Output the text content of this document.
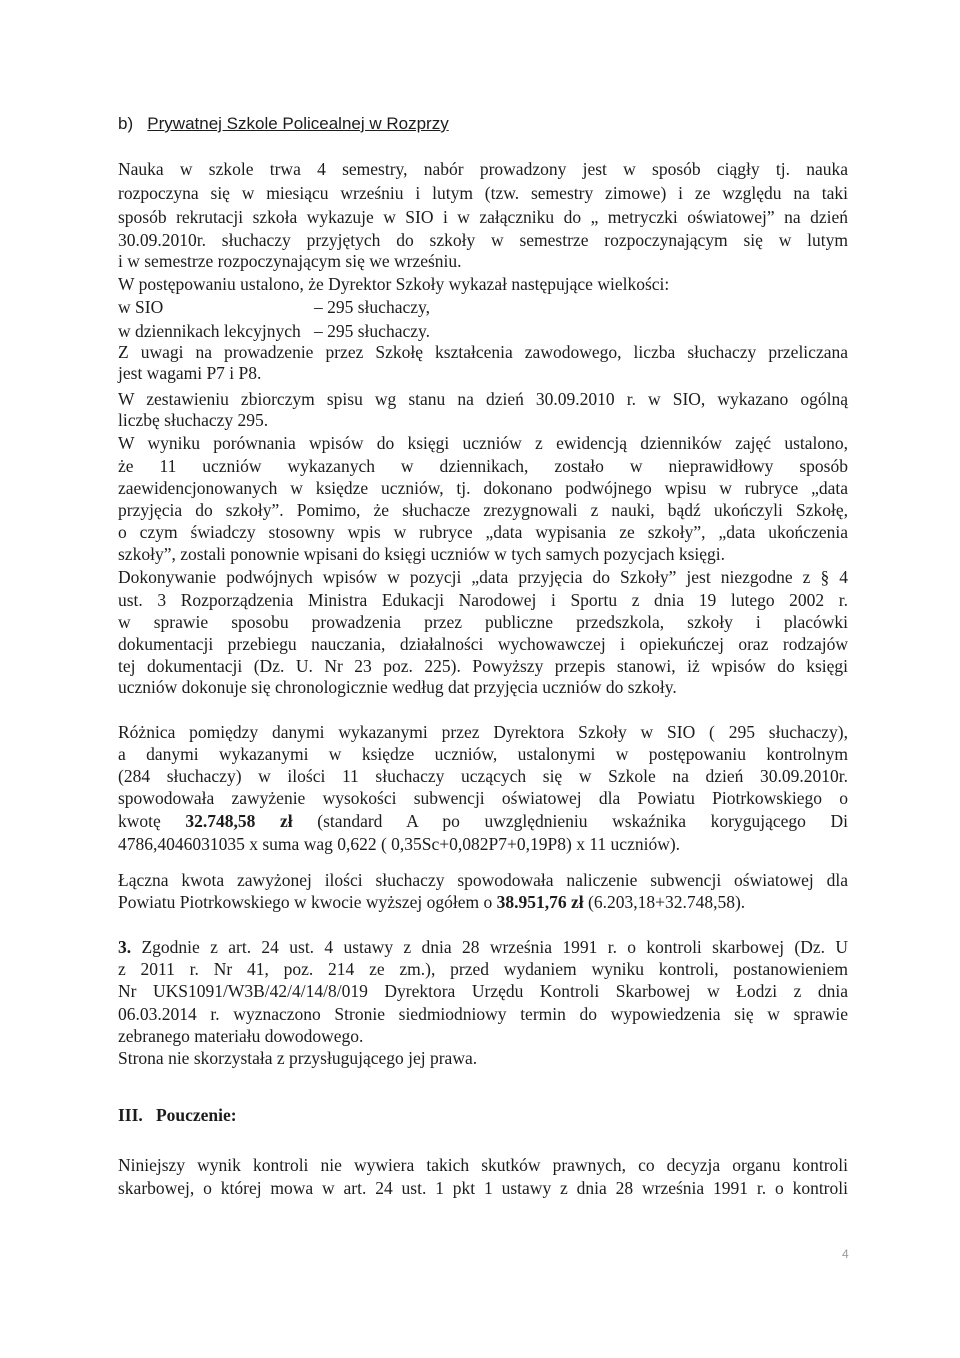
b) Prywatnej Szkole Policealnej w Rozprzy
Nauka w szkole trwa 4 semestry, nabór prowadzony jest w sposób ciągły tj. nauka
rozpoczyna się w miesiącu wrześniu i lutym (tzw. semestry zimowe) i ze względu na taki
sposób rekrutacji szkoła wykazuje w SIO i w załączniku do „ metryczki oświatowej” na dzień
30.09.2010r. słuchaczy przyjętych do szkoły w semestrze rozpoczynającym się w lutym
i w semestrze rozpoczynającym się we wrześniu.
W postępowaniu ustalono, że Dyrektor Szkoły wykazał następujące wielkości:
w SIO	– 295 słuchaczy,
w dziennikach lekcyjnych – 295 słuchaczy.
Z uwagi na prowadzenie przez Szkołę kształcenia zawodowego, liczba słuchaczy przeliczana
jest wagami P7 i P8.
W zestawieniu zbiorczym spisu wg stanu na dzień 30.09.2010 r. w SIO, wykazano ogólną
liczbę słuchaczy 295.
W wyniku porównania wpisów do księgi uczniów z ewidencją dzienników zajęć ustalono,
że 11 uczniów wykazanych w dziennikach, zostało w nieprawidłowy sposób
zaewidencjonowanych w księdze uczniów, tj. dokonano podwójnego wpisu w rubrycе „data
przyjęcia do szkoły”. Pomimo, że słuchacze zrezygnowali z nauki, bądź ukończyli Szkołę,
o czym świadczy stosowny wpis w rubryce „data wypisania ze szkoły”, „data ukończenia
szkoły”, zostali ponownie wpisani do księgi uczniów w tych samych pozycjach księgi.
Dokonywanie podwójnych wpisów w pozycji „data przyjęcia do Szkoły” jest niezgodne z § 4
ust. 3 Rozporządzenia Ministra Edukacji Narodowej i Sportu z dnia 19 lutego 2002 r.
w sprawie sposobu prowadzenia przez publiczne przedszkola, szkoły i placówki
dokumentacji przebiegu nauczania, działalności wychowawczej i opiekuńczej oraz rodzajów
tej dokumentacji (Dz. U. Nr 23 poz. 225). Powyższy przepis stanowi, iż wpisów do księgi
uczniów dokonuje się chronologicznie według dat przyjęcia uczniów do szkoły.
Różnica pomiędzy danymi wykazanymi przez Dyrektora Szkoły w SIO ( 295 słuchaczy),
a danymi wykazanymi w księdze uczniów, ustalonymi w postępowaniu kontrolnym
(284 słuchaczy) w ilości 11 słuchaczy uczących się w Szkole na dzień 30.09.2010r.
spowodowała zawyżenie wysokości subwencji oświatowej dla Powiatu Piotrkowskiego o
kwotę 32.748,58 zł (standard A po uwzględnieniu wskaźnika korygującego Di
4786,4046031035 x suma wag 0,622 ( 0,35Sc+0,082P7+0,19P8) x 11 uczniów).
Łączna kwota zawyżonej ilości słuchaczy spowodowała naliczenie subwencji oświatowej dla
Powiatu Piotrkowskiego w kwocie wyższej ogółem o 38.951,76 zł (6.203,18+32.748,58).
3. Zgodnie z art. 24 ust. 4 ustawy z dnia 28 września 1991 r. o kontroli skarbowej (Dz. U
z 2011 r. Nr 41, poz. 214 ze zm.), przed wydaniem wyniku kontroli, postanowieniem
Nr UKS1091/W3B/42/4/14/8/019 Dyrektora Urzędu Kontroli Skarbowej w Łodzi z dnia
06.03.2014 r. wyznaczono Stronie siedmiodniowy termin do wypowiedzenia się w sprawie
zebranego materiału dowodowego.
Strona nie skorzystała z przysługującego jej prawa.
III. Pouczenie:
Niniejszy wynik kontroli nie wywiera takich skutków prawnych, co decyzja organu kontroli
skarbowej, o której mowa w art. 24 ust. 1 pkt 1 ustawy z dnia 28 września 1991 r. o kontroli
4
